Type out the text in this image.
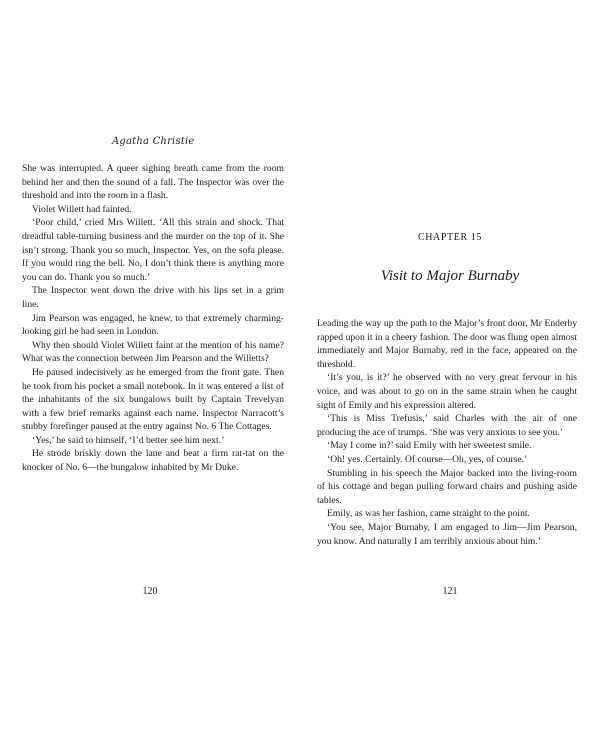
Agatha Christie

She was interrupted. A queer sighing breath came from the room behind her and then the sound of a fall. The Inspector was over the threshold and into the room in a flash.

Violet Willett had fainted.

‘Poor child,’ cried Mrs Willett. ‘All this strain and shock. That dreadful table-turning business and the murder on the top of it. She isn’t strong. Thank you so much, Inspector. Yes, on the sofa please. If you would ring the bell. No, I don’t think there is anything more you can do. Thank you so much.’

The Inspector went down the drive with his lips set in a grim line.

Jim Pearson was engaged, he knew, to that extremely charming-looking girl he had seen in London.

Why then should Violet Willett faint at the mention of his name? What was the connection between Jim Pearson and the Willetts?

He paused indecisively as he emerged from the front gate. Then he took from his pocket a small notebook. In it was entered a list of the inhabitants of the six bungalows built by Captain Trevelyan with a few brief remarks against each name. Inspector Narracott’s stubby forefinger paused at the entry against No. 6 The Cottages.

‘Yes,’ he said to himself. ‘I’d better see him next.’

He strode briskly down the lane and beat a firm rat-tat on the knocker of No. 6—the bungalow inhabited by Mr Duke.

120
CHAPTER 15
Visit to Major Burnaby

Leading the way up the path to the Major’s front door, Mr Enderby rapped upon it in a cheery fashion. The door was flung open almost immediately and Major Burnaby, red in the face, appeared on the threshold.

‘It’s you, is it?’ he observed with no very great fervour in his voice, and was about to go on in the same strain when he caught sight of Emily and his expression altered.

‘This is Miss Trefusis,’ said Charles with the air of one producing the ace of trumps. ‘She was very anxious to see you.’

‘May I come in?’ said Emily with her sweetest smile.

‘Oh! yes. Certainly. Of course—Oh, yes, of course.’

Stumbling in his speech the Major backed into the living-room of his cottage and began pulling forward chairs and pushing aside tables.

Emily, as was her fashion, came straight to the point.

‘You see, Major Burnaby, I am engaged to Jim—Jim Pearson, you know. And naturally I am terribly anxious about him.’

121
